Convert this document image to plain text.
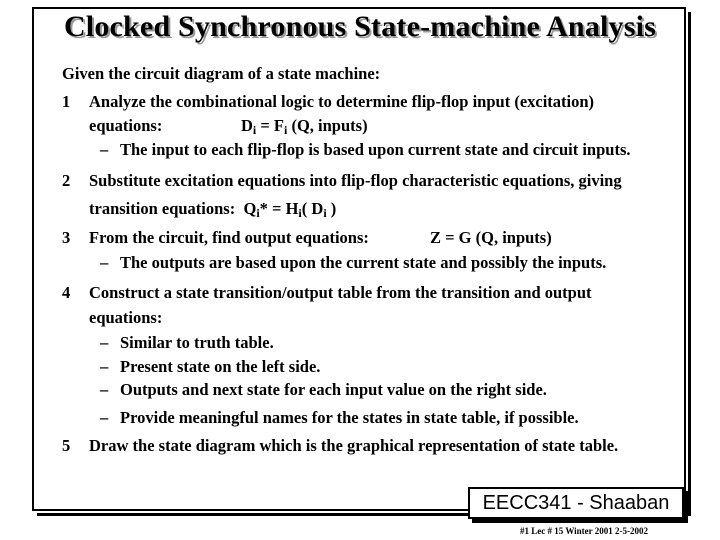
Clocked Synchronous State-machine Analysis
Given the circuit diagram of a state machine:
1 Analyze the combinational logic to determine flip-flop input (excitation)
equations:	$D_i = F_i$ (Q, inputs)
– The input to each flip-flop is based upon current state and circuit inputs.
2 Substitute excitation equations into flip-flop characteristic equations, giving
transition equations: $Q_i* = H_i$( $D_i$ )
3 From the circuit, find output equations:	Z = G (Q, inputs)
– The outputs are based upon the current state and possibly the inputs.
4 Construct a state transition/output table from the transition and output
equations:
– Similar to truth table.
– Present state on the left side.
– Outputs and next state for each input value on the right side.
– Provide meaningful names for the states in state table, if possible.
5 Draw the state diagram which is the graphical representation of state table.
EECC341 - Shaaban
#1 Lec # 15 Winter 2001 2-5-2002
